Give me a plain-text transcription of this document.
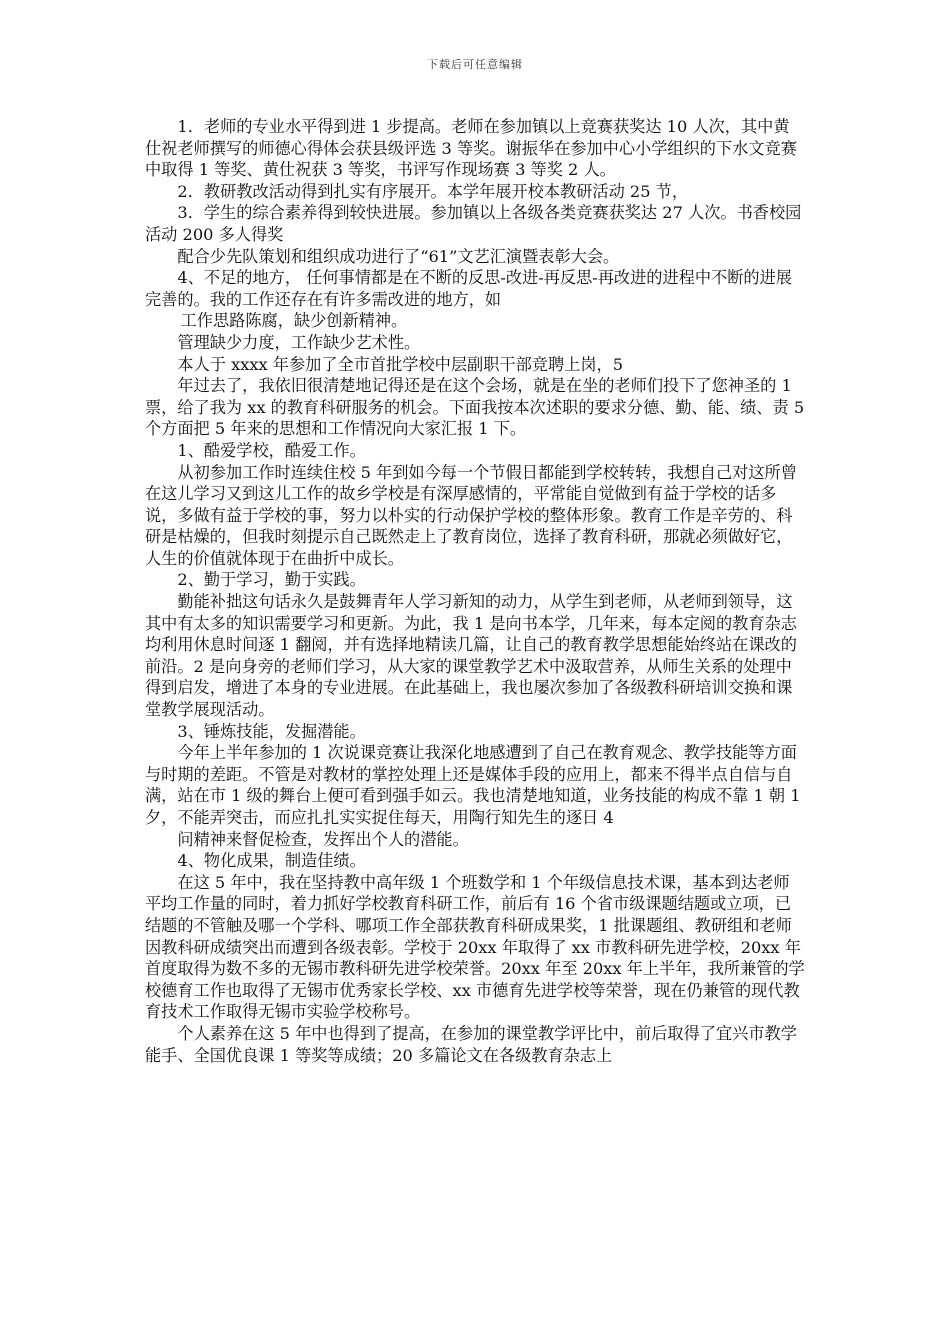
下载后可任意编辑

1．老师的专业水平得到进 1 步提高。老师在参加镇以上竞赛获奖达 10 人次，其中黄仕祝老师撰写的师德心得体会获县级评选 3 等奖。谢振华在参加中心小学组织的下水文竞赛中取得 1 等奖、黄仕祝获 3 等奖，书评写作现场赛 3 等奖 2 人。

2．教研教改活动得到扎实有序展开。本学年展开校本教研活动 25 节，

3．学生的综合素养得到较快进展。参加镇以上各级各类竞赛获奖达 27 人次。书香校园活动 200 多人得奖

配合少先队策划和组织成功进行了“61”文艺汇演暨表彰大会。

4、不足的地方， 任何事情都是在不断的反思-改进-再反思-再改进的进程中不断的进展完善的。我的工作还存在有许多需改进的地方，如

工作思路陈腐，缺少创新精神。

管理缺少力度，工作缺少艺术性。

本人于 xxxx 年参加了全市首批学校中层副职干部竞聘上岗，5

年过去了，我依旧很清楚地记得还是在这个会场，就是在坐的老师们投下了您神圣的 1 票，给了我为 xx 的教育科研服务的机会。下面我按本次述职的要求分德、勤、能、绩、责 5 个方面把 5 年来的思想和工作情况向大家汇报 1 下。

1、酷爱学校，酷爱工作。

从初参加工作时连续住校 5 年到如今每一个节假日都能到学校转转，我想自己对这所曾在这儿学习又到这儿工作的故乡学校是有深厚感情的，平常能自觉做到有益于学校的话多说，多做有益于学校的事，努力以朴实的行动保护学校的整体形象。教育工作是辛劳的、科研是枯燥的，但我时刻提示自己既然走上了教育岗位，选择了教育科研，那就必须做好它，人生的价值就体现于在曲折中成长。

2、勤于学习，勤于实践。

勤能补拙这句话永久是鼓舞青年人学习新知的动力，从学生到老师，从老师到领导，这其中有太多的知识需要学习和更新。为此，我 1 是向书本学，几年来，每本定阅的教育杂志均利用休息时间逐 1 翻阅，并有选择地精读几篇，让自己的教育教学思想能始终站在课改的前沿。2 是向身旁的老师们学习，从大家的课堂教学艺术中汲取营养，从师生关系的处理中得到启发，增进了本身的专业进展。在此基础上，我也屡次参加了各级教科研培训交换和课堂教学展现活动。

3、锤炼技能，发掘潜能。

今年上半年参加的 1 次说课竞赛让我深化地感遭到了自己在教育观念、教学技能等方面与时期的差距。不管是对教材的掌控处理上还是媒体手段的应用上，都来不得半点自信与自满，站在市 1 级的舞台上便可看到强手如云。我也清楚地知道，业务技能的构成不靠 1 朝 1 夕，不能弄突击，而应扎扎实实捉住每天，用陶行知先生的逐日 4

问精神来督促检查，发挥出个人的潜能。

4、物化成果，制造佳绩。

在这 5 年中，我在坚持教中高年级 1 个班数学和 1 个年级信息技术课，基本到达老师平均工作量的同时，着力抓好学校教育科研工作，前后有 16 个省市级课题结题或立项，已结题的不管触及哪一个学科、哪项工作全部获教育科研成果奖，1 批课题组、教研组和老师因教科研成绩突出而遭到各级表彰。学校于 20xx 年取得了 xx 市教科研先进学校，20xx 年首度取得为数不多的无锡市教科研先进学校荣誉。20xx 年至 20xx 年上半年，我所兼管的学校德育工作也取得了无锡市优秀家长学校、xx 市德育先进学校等荣誉，现在仍兼管的现代教育技术工作取得无锡市实验学校称号。

个人素养在这 5 年中也得到了提高，在参加的课堂教学评比中，前后取得了宜兴市教学能手、全国优良课 1 等奖等成绩；20 多篇论文在各级教育杂志上
